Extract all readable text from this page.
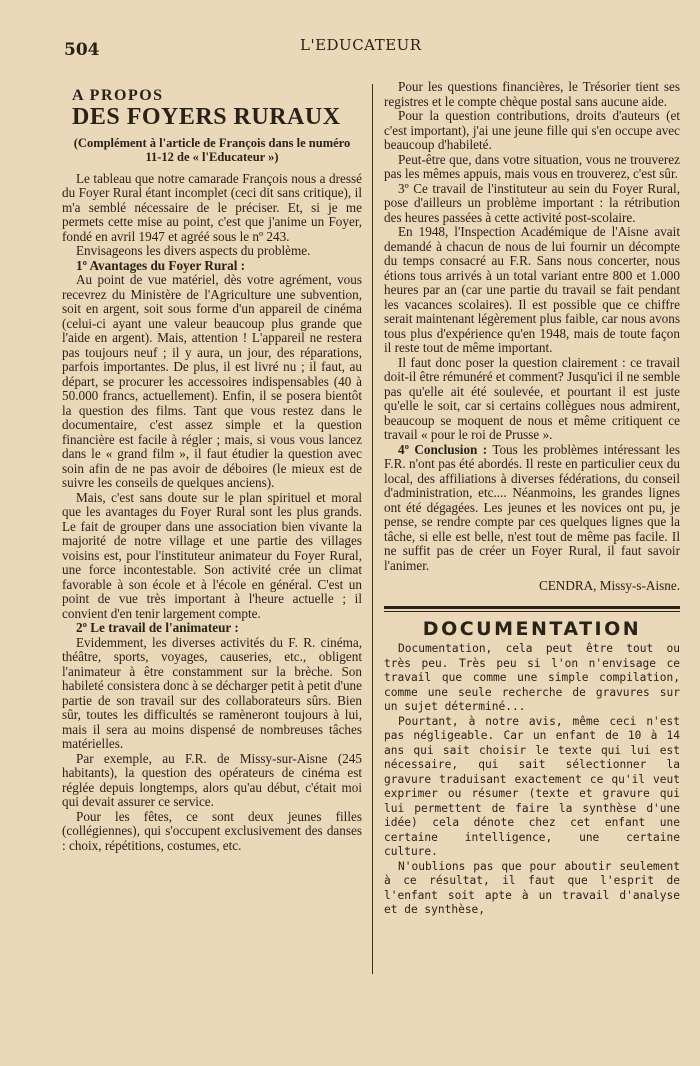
504	L'EDUCATEUR
A PROPOS
DES FOYERS RURAUX
(Complément à l'article de François dans le numéro 11-12 de « l'Educateur »)

Le tableau que notre camarade François nous a dressé du Foyer Rural étant incomplet (ceci dit sans critique), il m'a semblé nécessaire de le préciser. Et, si je me permets cette mise au point, c'est que j'anime un Foyer, fondé en avril 1947 et agréé sous le nº 243.

Envisageons les divers aspects du problème.

1º Avantages du Foyer Rural :

Au point de vue matériel, dès votre agrément, vous recevrez du Ministère de l'Agriculture une subvention, soit en argent, soit sous forme d'un appareil de cinéma (celui-ci ayant une valeur beaucoup plus grande que l'aide en argent). Mais, attention ! L'appareil ne restera pas toujours neuf ; il y aura, un jour, des réparations, parfois importantes. De plus, il est livré nu ; il faut, au départ, se procurer les accessoires indispensables (40 à 50.000 francs, actuellement). Enfin, il se posera bientôt la question des films. Tant que vous restez dans le documentaire, c'est assez simple et la question financière est facile à régler ; mais, si vous vous lancez dans le « grand film », il faut étudier la question avec soin afin de ne pas avoir de déboires (le mieux est de suivre les conseils de quelques anciens).

Mais, c'est sans doute sur le plan spirituel et moral que les avantages du Foyer Rural sont les plus grands. Le fait de grouper dans une association bien vivante la majorité de notre village et une partie des villages voisins est, pour l'instituteur animateur du Foyer Rural, une force incontestable. Son activité crée un climat favorable à son école et à l'école en général. C'est un point de vue très important à l'heure actuelle ; il convient d'en tenir largement compte.

2º Le travail de l'animateur :

Evidemment, les diverses activités du F. R. cinéma, théâtre, sports, voyages, causeries, etc., obligent l'animateur à être constamment sur la brèche. Son habileté consistera donc à se décharger petit à petit d'une partie de son travail sur des collaborateurs sûrs. Bien sûr, toutes les difficultés se ramèneront toujours à lui, mais il sera au moins dispensé de nombreuses tâches matérielles.

Par exemple, au F.R. de Missy-sur-Aisne (245 habitants), la question des opérateurs de cinéma est réglée depuis longtemps, alors qu'au début, c'était moi qui devait assurer ce service.

Pour les fêtes, ce sont deux jeunes filles (collégiennes), qui s'occupent exclusivement des danses : choix, répétitions, costumes, etc.

Pour les questions financières, le Trésorier tient ses registres et le compte chèque postal sans aucune aide.

Pour la question contributions, droits d'auteurs (et c'est important), j'ai une jeune fille qui s'en occupe avec beaucoup d'habileté.

Peut-être que, dans votre situation, vous ne trouverez pas les mêmes appuis, mais vous en trouverez, c'est sûr.

3º Ce travail de l'instituteur au sein du Foyer Rural, pose d'ailleurs un problème important : la rétribution des heures passées à cette activité post-scolaire.

En 1948, l'Inspection Académique de l'Aisne avait demandé à chacun de nous de lui fournir un décompte du temps consacré au F.R. Sans nous concerter, nous étions tous arrivés à un total variant entre 800 et 1.000 heures par an (car une partie du travail se fait pendant les vacances scolaires). Il est possible que ce chiffre serait maintenant légèrement plus faible, car nous avons tous plus d'expérience qu'en 1948, mais de toute façon il reste tout de même important.

Il faut donc poser la question clairement : ce travail doit-il être rémunéré et comment? Jusqu'ici il ne semble pas qu'elle ait été soulevée, et pourtant il est juste qu'elle le soit, car si certains collègues nous admirent, beaucoup se moquent de nous et même critiquent ce travail « pour le roi de Prusse ».

4º Conclusion : Tous les problèmes intéressant les F.R. n'ont pas été abordés. Il reste en particulier ceux du local, des affiliations à diverses fédérations, du conseil d'administration, etc.... Néanmoins, les grandes lignes ont été dégagées. Les jeunes et les novices ont pu, je pense, se rendre compte par ces quelques lignes que la tâche, si elle est belle, n'est tout de même pas facile. Il ne suffit pas de créer un Foyer Rural, il faut savoir l'animer.

CENDRA, Missy-s-Aisne.
DOCUMENTATION

Documentation, cela peut être tout ou très peu. Très peu si l'on n'envisage ce travail que comme une simple compilation, comme une seule recherche de gravures sur un sujet déterminé...

Pourtant, à notre avis, même ceci n'est pas négligeable. Car un enfant de 10 à 14 ans qui sait choisir le texte qui lui est nécessaire, qui sait sélectionner la gravure traduisant exactement ce qu'il veut exprimer ou résumer (texte et gravure qui lui permettent de faire la synthèse d'une idée) cela dénote chez cet enfant une certaine intelligence, une certaine culture.

N'oublions pas que pour aboutir seulement à ce résultat, il faut que l'esprit de l'enfant soit apte à un travail d'analyse et de synthèse,
